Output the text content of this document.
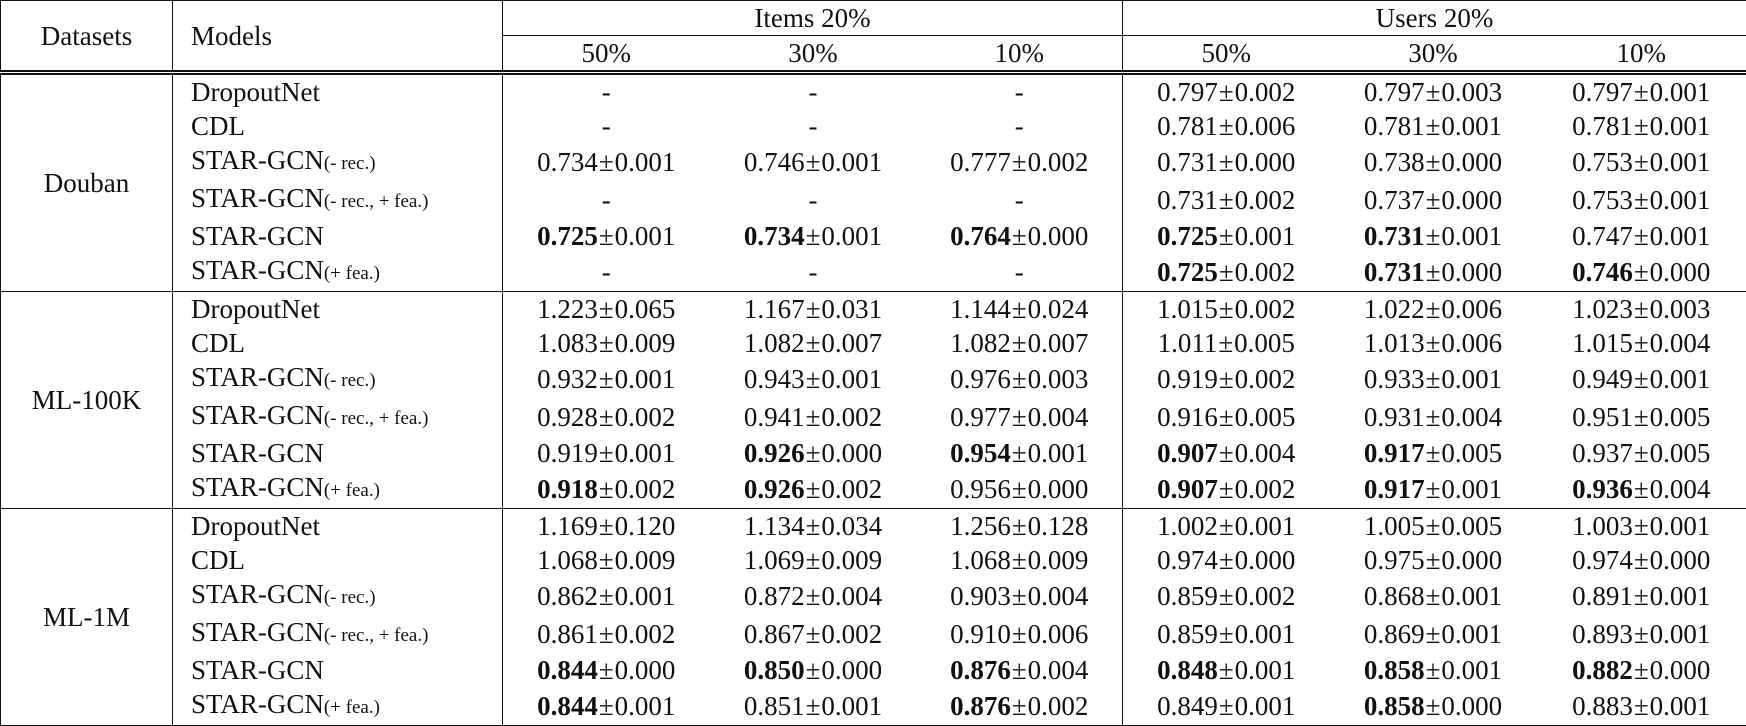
Datasets	Models	Items 20%			Users 20%		
		50%	30%	10%	50%	30%	10%
Douban	DropoutNet	-	-	-	0.797±0.002	0.797±0.003	0.797±0.001
	CDL	-	-	-	0.781±0.006	0.781±0.001	0.781±0.001
	STAR-GCN(- rec.)	0.734±0.001	0.746±0.001	0.777±0.002	0.731±0.000	0.738±0.000	0.753±0.001
	STAR-GCN(- rec., + fea.)	-	-	-	0.731±0.002	0.737±0.000	0.753±0.001
	STAR-GCN	0.725±0.001	0.734±0.001	0.764±0.000	0.725±0.001	0.731±0.001	0.747±0.001
	STAR-GCN(+ fea.)	-	-	-	0.725±0.002	0.731±0.000	0.746±0.000
ML-100K	DropoutNet	1.223±0.065	1.167±0.031	1.144±0.024	1.015±0.002	1.022±0.006	1.023±0.003
	CDL	1.083±0.009	1.082±0.007	1.082±0.007	1.011±0.005	1.013±0.006	1.015±0.004
	STAR-GCN(- rec.)	0.932±0.001	0.943±0.001	0.976±0.003	0.919±0.002	0.933±0.001	0.949±0.001
	STAR-GCN(- rec., + fea.)	0.928±0.002	0.941±0.002	0.977±0.004	0.916±0.005	0.931±0.004	0.951±0.005
	STAR-GCN	0.919±0.001	0.926±0.000	0.954±0.001	0.907±0.004	0.917±0.005	0.937±0.005
	STAR-GCN(+ fea.)	0.918±0.002	0.926±0.002	0.956±0.000	0.907±0.002	0.917±0.001	0.936±0.004
ML-1M	DropoutNet	1.169±0.120	1.134±0.034	1.256±0.128	1.002±0.001	1.005±0.005	1.003±0.001
	CDL	1.068±0.009	1.069±0.009	1.068±0.009	0.974±0.000	0.975±0.000	0.974±0.000
	STAR-GCN(- rec.)	0.862±0.001	0.872±0.004	0.903±0.004	0.859±0.002	0.868±0.001	0.891±0.001
	STAR-GCN(- rec., + fea.)	0.861±0.002	0.867±0.002	0.910±0.006	0.859±0.001	0.869±0.001	0.893±0.001
	STAR-GCN	0.844±0.000	0.850±0.000	0.876±0.004	0.848±0.001	0.858±0.001	0.882±0.000
	STAR-GCN(+ fea.)	0.844±0.001	0.851±0.001	0.876±0.002	0.849±0.001	0.858±0.000	0.883±0.001
